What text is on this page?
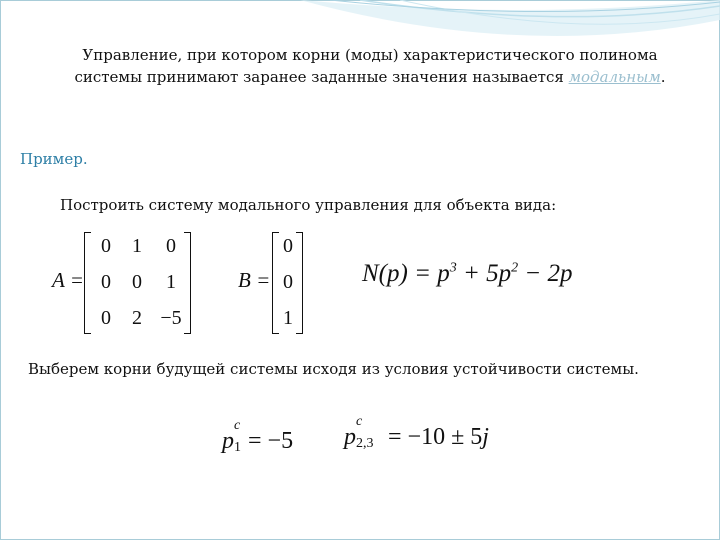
Управление, при котором корни (моды) характеристического полинома системы принимают заранее заданные значения называется модальным.
Пример.
Построить систему модального управления для объекта вида:
A =
0	1	0
0	0	1
0	2 −5
B =
0
0
1
$N(p) = p^3 + 5p^2 - 2p$
Выберем корни будущей системы исходя из условия устойчивости системы.
p
c
1 = −5 p
c
2,3 = −10 ± 5j
